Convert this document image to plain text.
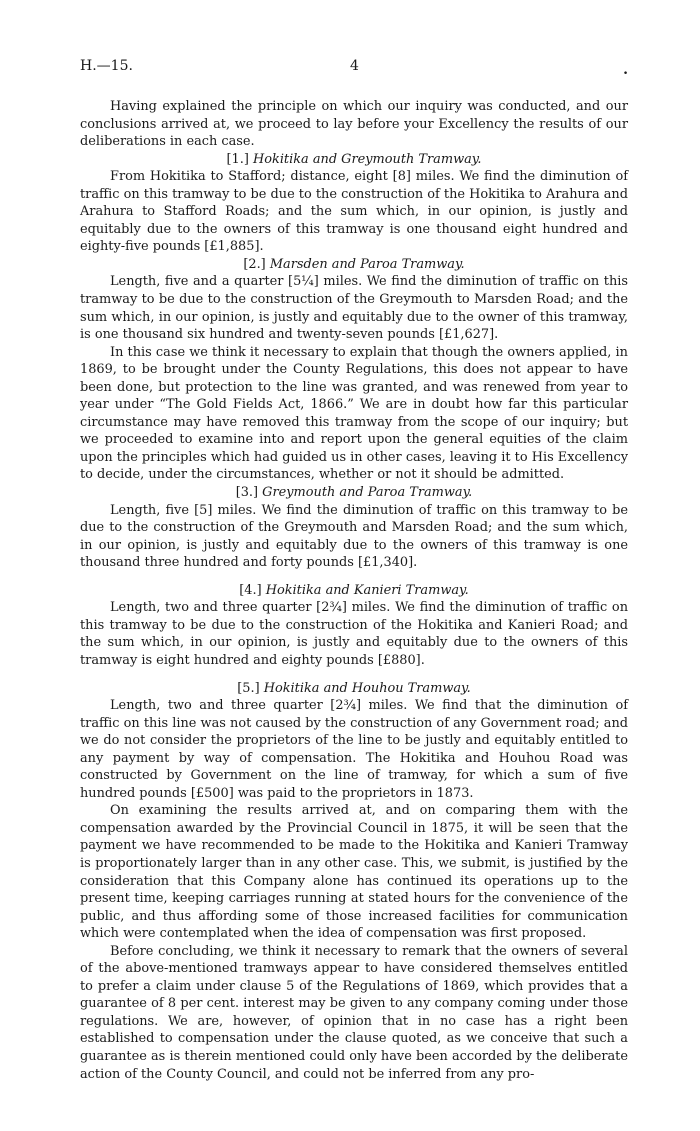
H.—15.	4	.

Having explained the principle on which our inquiry was conducted, and our conclusions arrived at, we proceed to lay before your Excellency the results of our deliberations in each case.

[1.] Hokitika and Greymouth Tramway.

From Hokitika to Stafford; distance, eight [8] miles. We find the diminution of traffic on this tramway to be due to the construction of the Hokitika to Arahura and Arahura to Stafford Roads; and the sum which, in our opinion, is justly and equitably due to the owners of this tramway is one thousand eight hundred and eighty-five pounds [£1,885].

[2.] Marsden and Paroa Tramway.

Length, five and a quarter [5¼] miles. We find the diminution of traffic on this tramway to be due to the construction of the Greymouth to Marsden Road; and the sum which, in our opinion, is justly and equitably due to the owner of this tramway, is one thousand six hundred and twenty-seven pounds [£1,627].

In this case we think it necessary to explain that though the owners applied, in 1869, to be brought under the County Regulations, this does not appear to have been done, but protection to the line was granted, and was renewed from year to year under “The Gold Fields Act, 1866.” We are in doubt how far this particular circumstance may have removed this tramway from the scope of our inquiry; but we proceeded to examine into and report upon the general equities of the claim upon the principles which had guided us in other cases, leaving it to His Excellency to decide, under the circumstances, whether or not it should be admitted.

[3.] Greymouth and Paroa Tramway.

Length, five [5] miles. We find the diminution of traffic on this tramway to be due to the construction of the Greymouth and Marsden Road; and the sum which, in our opinion, is justly and equitably due to the owners of this tramway is one thousand three hundred and forty pounds [£1,340].

[4.] Hokitika and Kanieri Tramway.

Length, two and three quarter [2¾] miles. We find the diminution of traffic on this tramway to be due to the construction of the Hokitika and Kanieri Road; and the sum which, in our opinion, is justly and equitably due to the owners of this tramway is eight hundred and eighty pounds [£880].

[5.] Hokitika and Houhou Tramway.

Length, two and three quarter [2¾] miles. We find that the diminution of traffic on this line was not caused by the construction of any Government road; and we do not consider the proprietors of the line to be justly and equitably entitled to any payment by way of compensation. The Hokitika and Houhou Road was constructed by Government on the line of tramway, for which a sum of five hundred pounds [£500] was paid to the proprietors in 1873.

On examining the results arrived at, and on comparing them with the compensation awarded by the Provincial Council in 1875, it will be seen that the payment we have recommended to be made to the Hokitika and Kanieri Tramway is proportionately larger than in any other case. This, we submit, is justified by the consideration that this Company alone has continued its operations up to the present time, keeping carriages running at stated hours for the convenience of the public, and thus affording some of those increased facilities for communication which were contemplated when the idea of compensation was first proposed.

Before concluding, we think it necessary to remark that the owners of several of the above-mentioned tramways appear to have considered themselves entitled to prefer a claim under clause 5 of the Regulations of 1869, which provides that a guarantee of 8 per cent. interest may be given to any company coming under those regulations. We are, however, of opinion that in no case has a right been established to compensation under the clause quoted, as we conceive that such a guarantee as is therein mentioned could only have been accorded by the deliberate action of the County Council, and could not be inferred from any pro-
